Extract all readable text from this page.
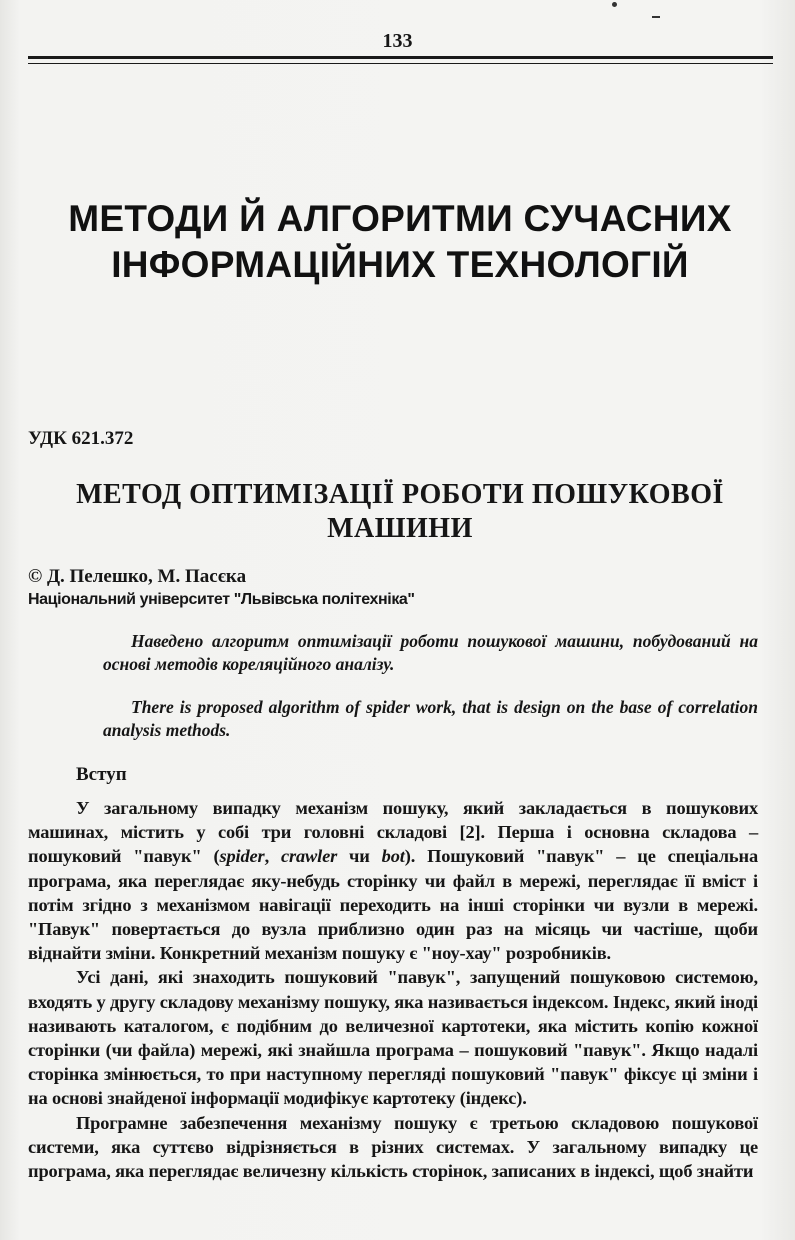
133
МЕТОДИ Й АЛГОРИТМИ СУЧАСНИХ ІНФОРМАЦІЙНИХ ТЕХНОЛОГІЙ
УДК 621.372
МЕТОД ОПТИМІЗАЦІЇ РОБОТИ ПОШУКОВОЇ МАШИНИ
© Д. Пелешко, М. Пасєка
Національний університет "Львівська політехніка"
Наведено алгоритм оптимізації роботи пошукової машини, побудований на основі методів кореляційного аналізу.
There is proposed algorithm of spider work, that is design on the base of correlation analysis methods.
Вступ

У загальному випадку механізм пошуку, який закладається в пошукових машинах, містить у собі три головні складові [2]. Перша і основна складова – пошуковий "павук" (spider, crawler чи bot). Пошуковий "павук" – це спеціальна програма, яка переглядає яку-небудь сторінку чи файл в мережі, переглядає її вміст і потім згідно з механізмом навігації переходить на інші сторінки чи вузли в мережі. "Павук" повертається до вузла приблизно один раз на місяць чи частіше, щоби віднайти зміни. Конкретний механізм пошуку є "ноу-хау" розробників.

Усі дані, які знаходить пошуковий "павук", запущений пошуковою системою, входять у другу складову механізму пошуку, яка називається індексом. Індекс, який іноді називають каталогом, є подібним до величезної картотеки, яка містить копію кожної сторінки (чи файла) мережі, які знайшла програма – пошуковий "павук". Якщо надалі сторінка змінюється, то при наступному перегляді пошуковий "павук" фіксує ці зміни і на основі знайденої інформації модифікує картотеку (індекс).

Програмне забезпечення механізму пошуку є третьою складовою пошукової системи, яка суттєво відрізняється в різних системах. У загальному випадку це програма, яка переглядає величезну кількість сторінок, записаних в індексі, щоб знайти
